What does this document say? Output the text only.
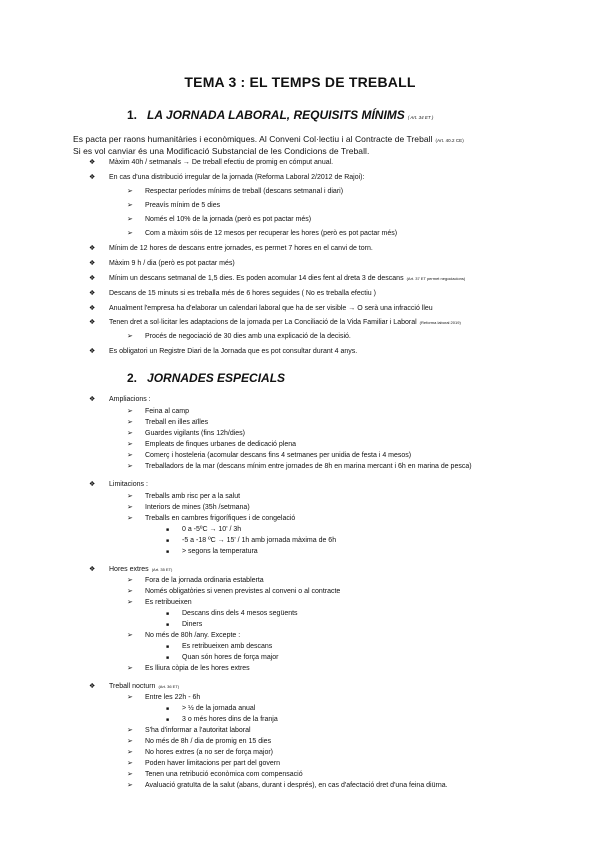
TEMA 3 : EL TEMPS DE TREBALL
1. LA JORNADA LABORAL, REQUISITS MÍNIMS ( Art. 34 ET )
Es pacta per raons humanitàries i econòmiques. Al Conveni Col·lectiu i al Contracte de Treball (Art. 40.2 CE)
Si es vol canviar és una Modificació Substancial de les Condicions de Treball.
❖ Màxim 40h / setmanals → De treball efectiu de promig en cómput anual.
❖ En cas d'una distribució irregular de la jornada (Reforma Laboral 2/2012 de Rajoi):
➢ Respectar períodes mínims de treball (descans setmanal i diari)
➢ Preavís mínim de 5 dies
➢ Només el 10% de la jornada (però es pot pactar més)
➢ Com a màxim sóis de 12 mesos per recuperar les hores (però es pot pactar més)
❖ Mínim de 12 hores de descans entre jornades, es permet 7 hores en el canvi de torn.
❖ Màxim 9 h / dia (però es pot pactar més)
❖ Mínim un descans setmanal de 1,5 dies. Es poden acomular 14 dies fent al dreta 3 de descans (Art. 37 ET permet negociacions)
❖ Descans de 15 minuts si es treballa més de 6 hores seguides ( No es treballa efectiu )
❖ Anualment l'empresa ha d'elaborar un calendari laboral que ha de ser visible → O serà una infracció lleu
❖ Tenen dret a sol·licitar les adaptacions de la jornada per La Conciliació de la Vida Familiar i Laboral (Reforma laboral 2019)
➢ Procés de negociació de 30 dies amb una explicació de la decisió.
❖ Es obligatori un Registre Diari de la Jornada que es pot consultar durant 4 anys.
2. JORNADES ESPECIALS
❖ Ampliacions :
➢ Feina al camp
➢ Treball en illes aïlles
➢ Guardes vigilants (fins 12h/dies)
➢ Empleats de finques urbanes de dedicació plena
➢ Comerç i hosteleria (acomular descans fins 4 setmanes per unidia de festa i 4 mesos)
➢ Treballadors de la mar (descans mínim entre jornades de 8h en marina mercant i 6h en marina de pesca)
❖ Limitacions :
➢ Treballs amb risc per a la salut
➢ Interiors de mines (35h /setmana)
➢ Treballs en cambres frigorífiques i de congelació
■ 0 a -5ºC → 10' / 3h
■ -5 a -18 ºC → 15' / 1h amb jornada màxima de 6h
■ > segons la temperatura
❖ Hores extres (Art. 35 ET)
➢ Fora de la jornada ordinaria establerta
➢ Només obligatòries si venen previstes al conveni o al contracte
➢ Es retribueixen
■ Descans dins dels 4 mesos següents
■ Diners
➢ No més de 80h /any. Excepte :
■ Es retribueixen amb descans
■ Quan són hores de força major
➢ Es lliura còpia de les hores extres
❖ Treball nocturn (Art. 36 ET)
➢ Entre les 22h - 6h
■ > ½ de la jornada anual
■ 3 o més hores dins de la franja
➢ S'ha d'informar a l'autoritat laboral
➢ No més de 8h / dia de promig en 15 dies
➢ No hores extres (a no ser de força major)
➢ Poden haver limitacions per part del govern
➢ Tenen una retribució econòmica com compensació
➢ Avaluació gratuïta de la salut (abans, durant i després), en cas d'afectació dret d'una feina diürna.
